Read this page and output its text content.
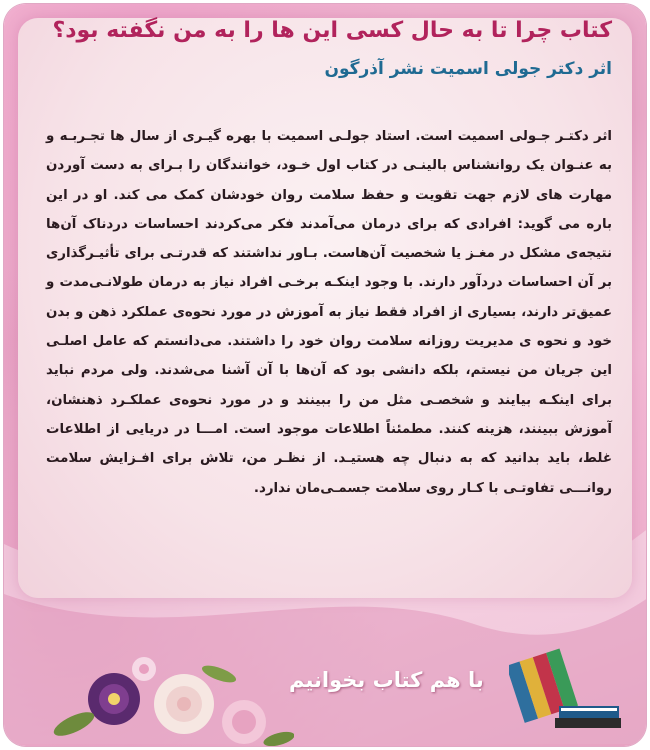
کتاب چرا تا به حال کسی این ها را به من نگفته بود؟
اثر دکتر جولی اسمیت نشر آذرگون
اثر دکتـر جـولی اسمیت است. استاد جولـی اسمیت با بهره گیـری از سال ها تجـربـه و به عنـوان یک روانشناس بالینـی در کتاب اول خـود، خوانندگان را بـرای به دست آوردن مهارت های لازم جهت تقویت و حفظ سلامت روان خودشان کمک می کند. او در این باره می گوید: افرادی که برای درمان می‌آمدند فکر می‌کردند احساسات دردناک آن‌ها نتیجه‌ی مشکل در مغـز یا شخصیت آن‌هاست. بـاور نداشتند که قدرتـی برای تأثیـرگذاری بر آن احساسات درد‌آور دارند. با وجود اینکـه برخـی افراد نیاز به درمان طولانـی‌مدت و عمیق‌تر دارند، بسیاری از افراد فقط نیاز به آموزش در مورد نحوه‌ی عملکرد ذهن و بدن خود و نحوه ی مدیریت روزانه سلامت روان خود را داشتند. می‌دانستم که عامل اصلـی این جریان من نیستم، بلکه دانشی بود که آن‌ها با آن آشنا می‌شدند. ولی مردم نباید برای اینکـه بیایند و شخصـی مثل من را ببینند و در مورد نحوه‌ی عملکـرد ذهنشان، آموزش ببینند، هزینه کنند. مطمئناً اطلاعات موجود است. امـــا در دریایی از اطلاعات غلط، باید بدانید که به دنبال چه هستیـد. از نظـر من، تلاش برای افـزایش سلامت روانـــی تفاوتـی با کـار روی سلامت جسمـی‌مان ندارد.
با هم کتاب بخوانیم
